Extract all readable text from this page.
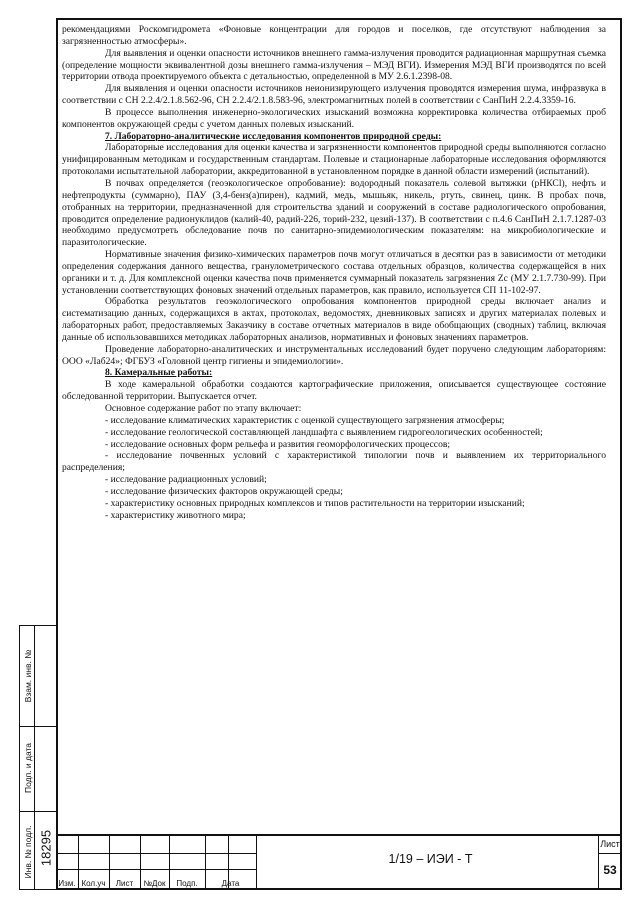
рекомендациями Роскомгидромета «Фоновые концентрации для городов и поселков, где отсутствуют наблюдения за загрязненностью атмосферы».

Для выявления и оценки опасности источников внешнего гамма-излучения проводится радиационная маршрутная съемка (определение мощности эквивалентной дозы внешнего гамма-излучения – МЭД ВГИ). Измерения МЭД ВГИ производятся по всей территории отвода проектируемого объекта с детальностью, определенной в МУ 2.6.1.2398-08.

Для выявления и оценки опасности источников неионизирующего излучения проводятся измерения шума, инфразвука в соответствии с СН 2.2.4/2.1.8.562-96, СН 2.2.4/2.1.8.583-96, электромагнитных полей в соответствии с СанПиН 2.2.4.3359-16.

В процессе выполнения инженерно-экологических изысканий возможна корректировка количества отбираемых проб компонентов окружающей среды с учетом данных полевых изысканий.

7. Лабораторно-аналитические исследования компонентов природной среды:

Лабораторные исследования для оценки качества и загрязненности компонентов природной среды выполняются согласно унифицированным методикам и государственным стандартам. Полевые и стационарные лабораторные исследования оформляются протоколами испытательной лаборатории, аккредитованной в установленном порядке в данной области измерений (испытаний).

В почвах определяется (геоэкологическое опробование): водородный показатель солевой вытяжки (рНКСl), нефть и нефтепродукты (суммарно), ПАУ (3,4-бенз(а)пирен), кадмий, медь, мышьяк, никель, ртуть, свинец, цинк. В пробах почв, отобранных на территории, предназначенной для строительства зданий и сооружений в составе радиологического опробования, проводится определение радионуклидов (калий-40, радий-226, торий-232, цезий-137). В соответствии с п.4.6 СанПиН 2.1.7.1287-03 необходимо предусмотреть обследование почв по санитарно-эпидемиологическим показателям: на микробиологические и паразитологические.

Нормативные значения физико-химических параметров почв могут отличаться в десятки раз в зависимости от методики определения содержания данного вещества, гранулометрического состава отдельных образцов, количества содержащейся в них органики и т. д. Для комплексной оценки качества почв применяется суммарный показатель загрязнения Zс (МУ 2.1.7.730-99). При установлении соответствующих фоновых значений отдельных параметров, как правило, используется СП 11-102-97.

Обработка результатов геоэкологического опробования компонентов природной среды включает анализ и систематизацию данных, содержащихся в актах, протоколах, ведомостях, дневниковых записях и других материалах полевых и лабораторных работ, предоставляемых Заказчику в составе отчетных материалов в виде обобщающих (сводных) таблиц, включая данные об использовавшихся методиках лабораторных анализов, нормативных и фоновых значениях параметров.

Проведение лабораторно-аналитических и инструментальных исследований будет поручено следующим лабораториям: ООО «Лаб24»; ФГБУЗ «Головной центр гигиены и эпидемиологии».

8. Камеральные работы:

В ходе камеральной обработки создаются картографические приложения, описывается существующее состояние обследованной территории. Выпускается отчет.

Основное содержание работ по этапу включает:

- исследование климатических характеристик с оценкой существующего загрязнения атмосферы;

- исследование геологической составляющей ландшафта с выявлением гидрогеологических особенностей;

- исследование основных форм рельефа и развития геоморфологических процессов;

- исследование почвенных условий с характеристикой типологии почв и выявлением их территориального распределения;

- исследование радиационных условий;

- исследование физических факторов окружающей среды;

- характеристику основных природных комплексов и типов растительности на территории изысканий;

- характеристику животного мира;

Взам. инв. №
Подп. и дата
Инв. № подл. 18295
Изм. Кол.уч	Лист	№Док	Подп.	Дата
1/19 – ИЭИ - Т
Лист
53
